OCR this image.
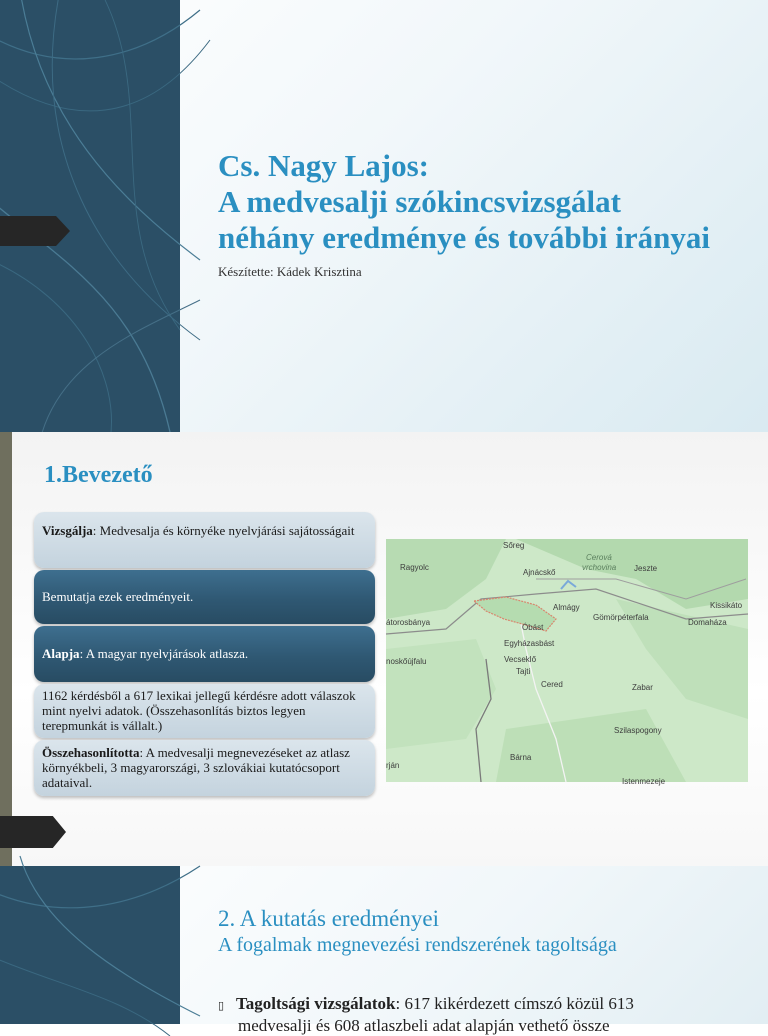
Cs. Nagy Lajos:
A medvesalji szókincsvizsgálat
néhány eredménye és további irányai
Készítette: Kádek Krisztina
1.Bevezető
Vizsgálja: Medvesalja és környéke nyelvjárási sajátosságait
Bemutatja ezek eredményeit.
Alapja: A magyar nyelvjárások atlasza.
1162 kérdésből a 617 lexikai jellegű kérdésre adott válaszok mint nyelvi adatok. (Összehasonlítás biztos legyen terepmunkát is vállalt.)
Összehasonlította: A medvesalji megnevezéseket az atlasz környékbeli, 3 magyarországi, 3 szlovákiai kutatócsoport adataival.
Sőreg
Cerová
vrchovina
Ragyolc
Ajnácskő	Jeszte
Almágy	Kissikáto
átorosbánya
Gömörpéterfala
Domaháza
Óbást
Egyházasbást
noskőújfalu	Vecseklő
Tajti
Cered	Zabar
Szilaspogony
Bárna
rján
Istenmezeje
2. A kutatás eredményei
A fogalmak megnevezési rendszerének tagoltsága
▯ Tagoltsági vizsgálatok: 617 kikérdezett címszó közül 613
medvesalji és 608 atlaszbeli adat alapján vethető össze
